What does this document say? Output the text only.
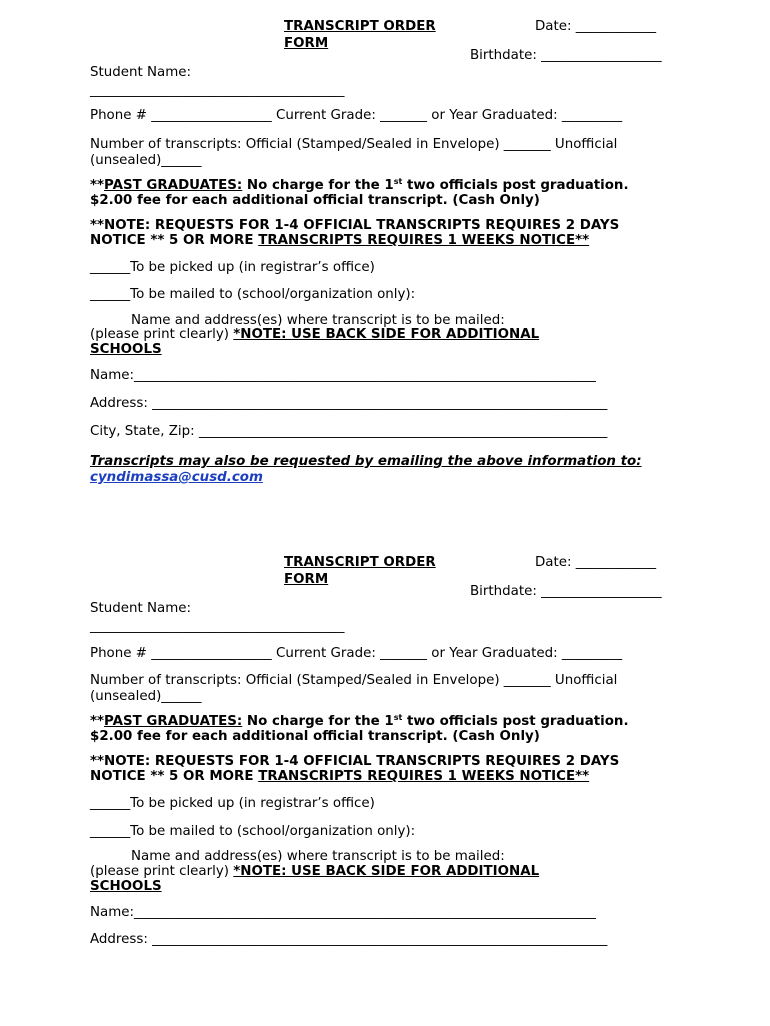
TRANSCRIPT ORDER
FORM
Date: ____________
Birthdate: __________________
Student Name:
______________________________________
Phone # __________________ Current Grade: _______ or Year Graduated: _________
Number of transcripts: Official (Stamped/Sealed in Envelope) _______ Unofficial
(unsealed)______
**PAST GRADUATES: No charge for the 1st two officials post graduation.
$2.00 fee for each additional official transcript. (Cash Only)
**NOTE: REQUESTS FOR 1-4 OFFICIAL TRANSCRIPTS REQUIRES 2 DAYS
NOTICE ** 5 OR MORE TRANSCRIPTS REQUIRES 1 WEEKS NOTICE**
______To be picked up (in registrar’s office)
______To be mailed to (school/organization only):
Name and address(es) where transcript is to be mailed:
(please print clearly) *NOTE: USE BACK SIDE FOR ADDITIONAL
SCHOOLS
Name:_____________________________________________________________________
Address: ____________________________________________________________________
City, State, Zip: _____________________________________________________________
Transcripts may also be requested by emailing the above information to:
cyndimassa@cusd.com
TRANSCRIPT ORDER
FORM
Date: ____________
Birthdate: __________________
Student Name:
______________________________________
Phone # __________________ Current Grade: _______ or Year Graduated: _________
Number of transcripts: Official (Stamped/Sealed in Envelope) _______ Unofficial
(unsealed)______
**PAST GRADUATES: No charge for the 1st two officials post graduation.
$2.00 fee for each additional official transcript. (Cash Only)
**NOTE: REQUESTS FOR 1-4 OFFICIAL TRANSCRIPTS REQUIRES 2 DAYS
NOTICE ** 5 OR MORE TRANSCRIPTS REQUIRES 1 WEEKS NOTICE**
______To be picked up (in registrar’s office)
______To be mailed to (school/organization only):
Name and address(es) where transcript is to be mailed:
(please print clearly) *NOTE: USE BACK SIDE FOR ADDITIONAL
SCHOOLS
Name:_____________________________________________________________________
Address: ____________________________________________________________________
